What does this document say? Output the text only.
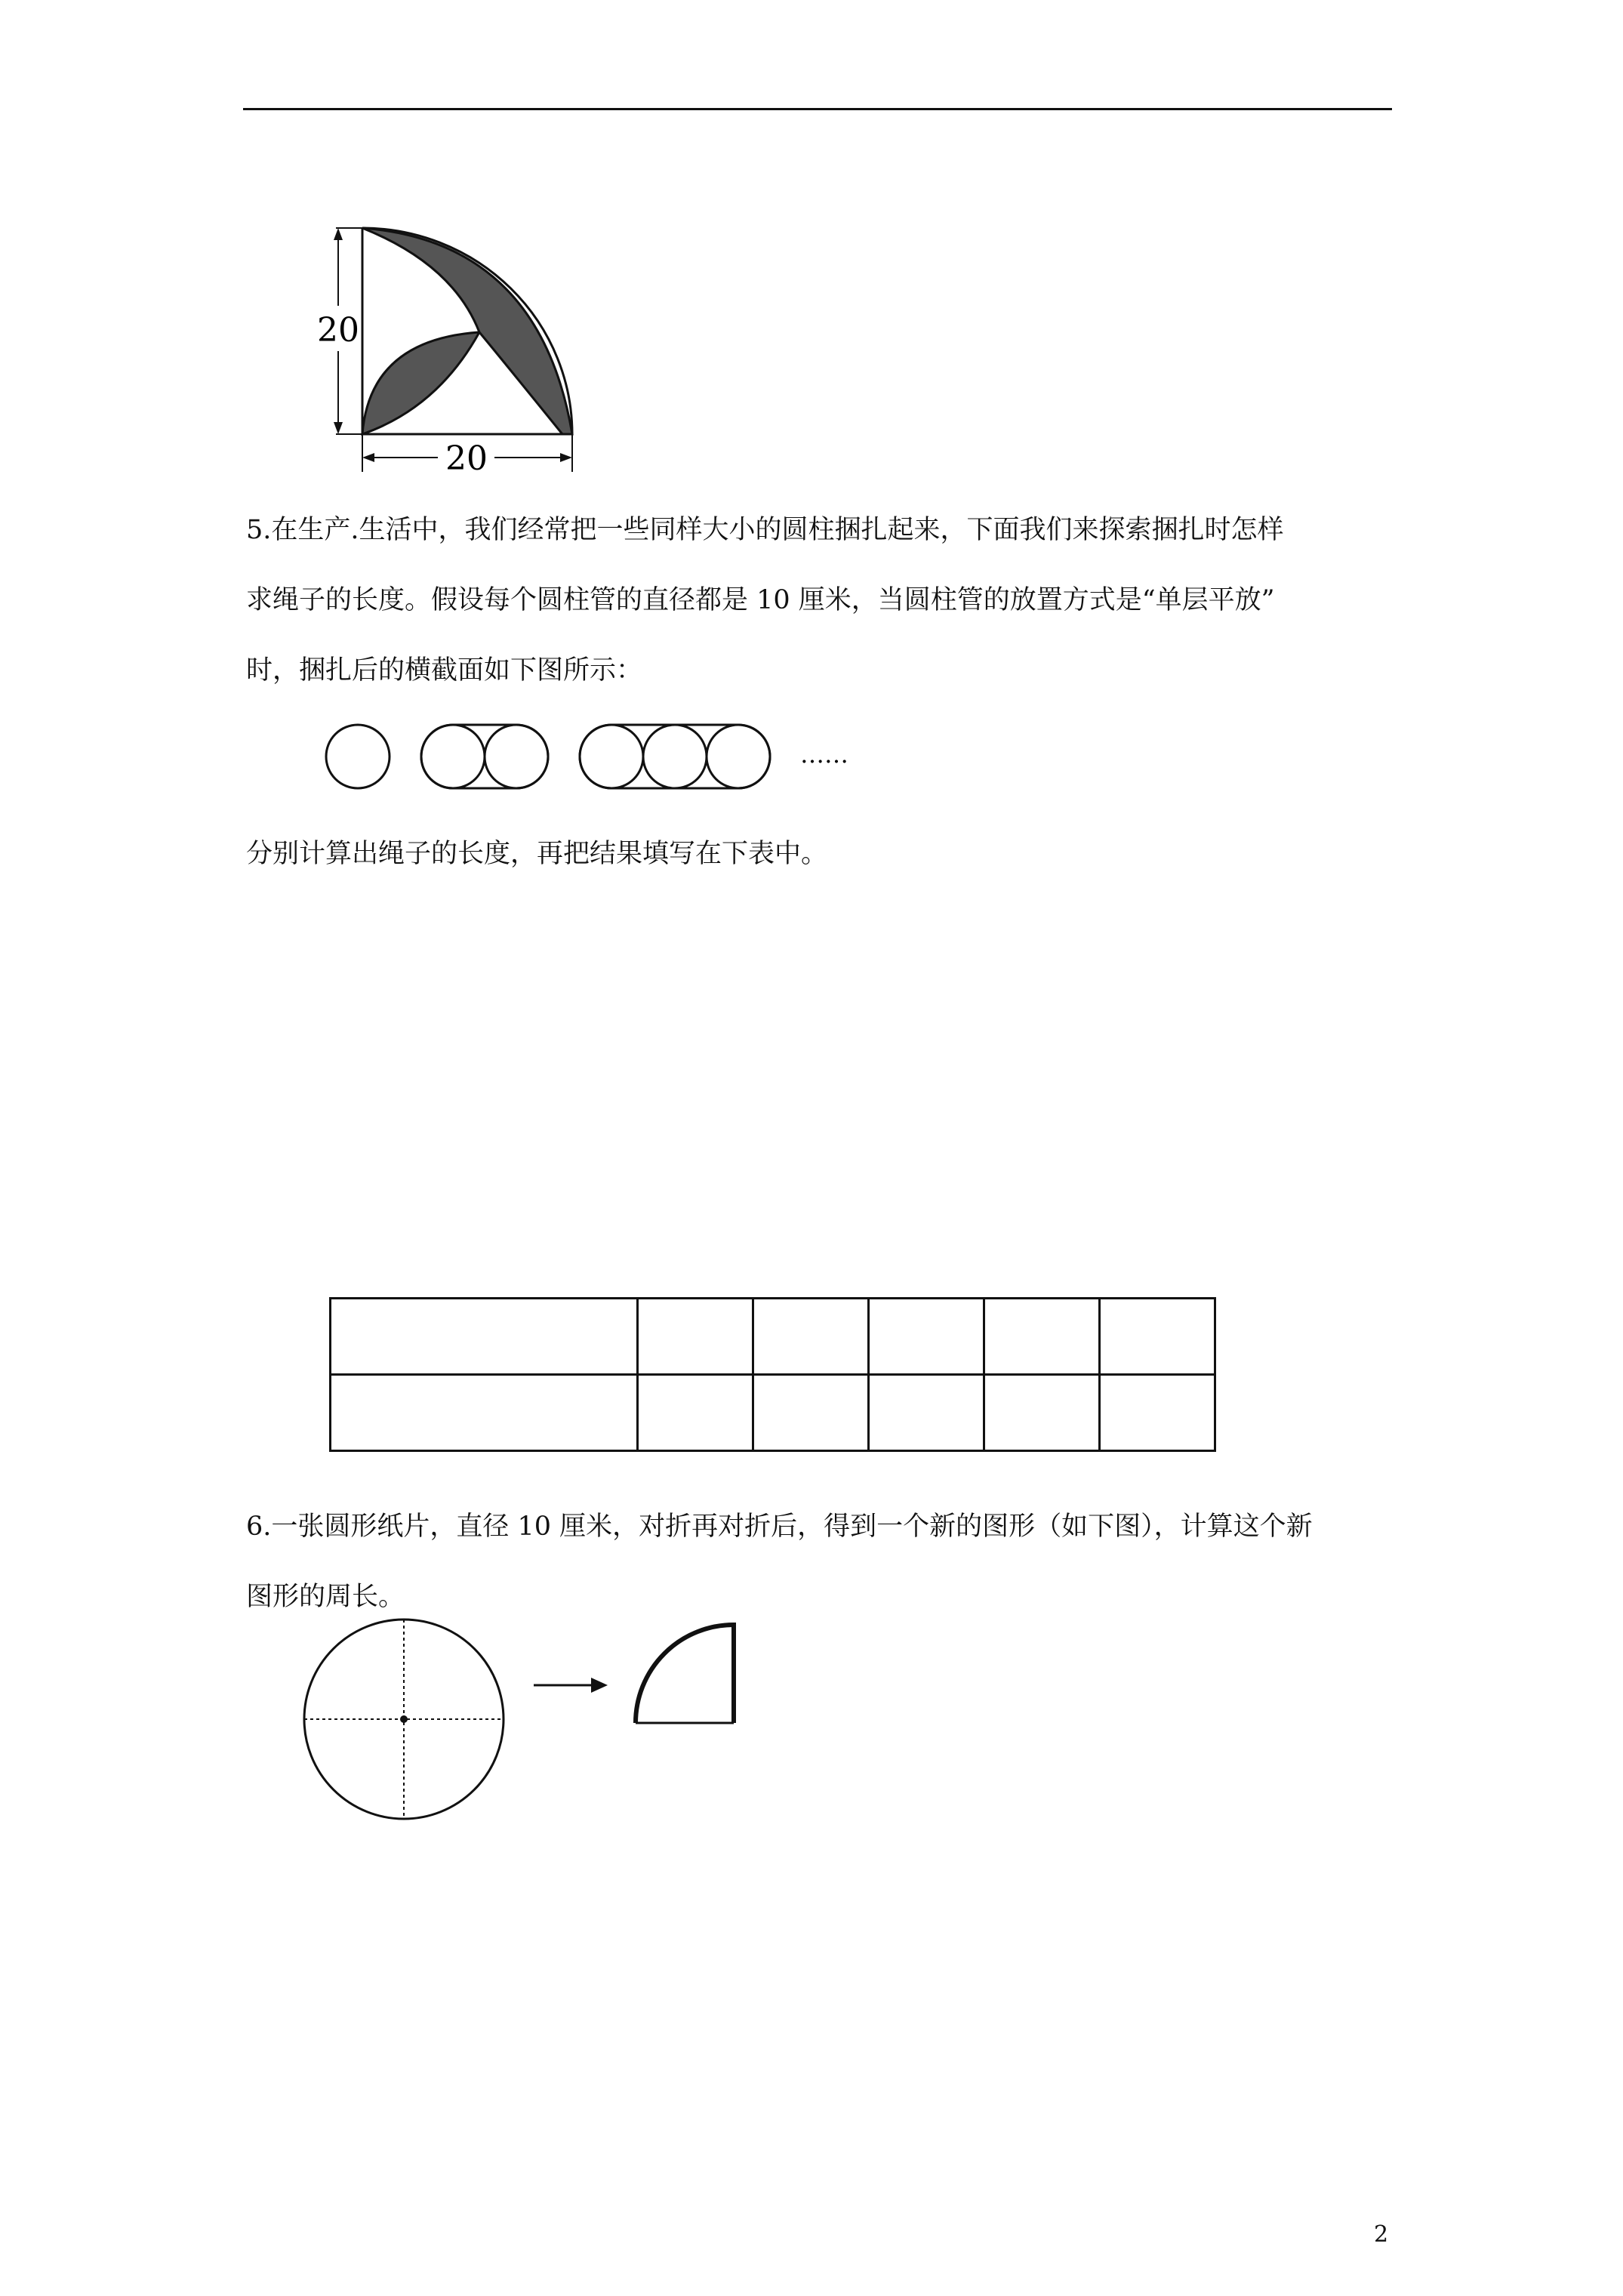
20
20
5.在生产.生活中，我们经常把一些同样大小的圆柱捆扎起来，下面我们来探索捆扎时怎样
求绳子的长度。假设每个圆柱管的直径都是 10 厘米，当圆柱管的放置方式是“单层平放”
时，捆扎后的横截面如下图所示：
……
分别计算出绳子的长度，再把结果填写在下表中。

6.一张圆形纸片，直径 10 厘米，对折再对折后，得到一个新的图形（如下图），计算这个新
图形的周长。
2
